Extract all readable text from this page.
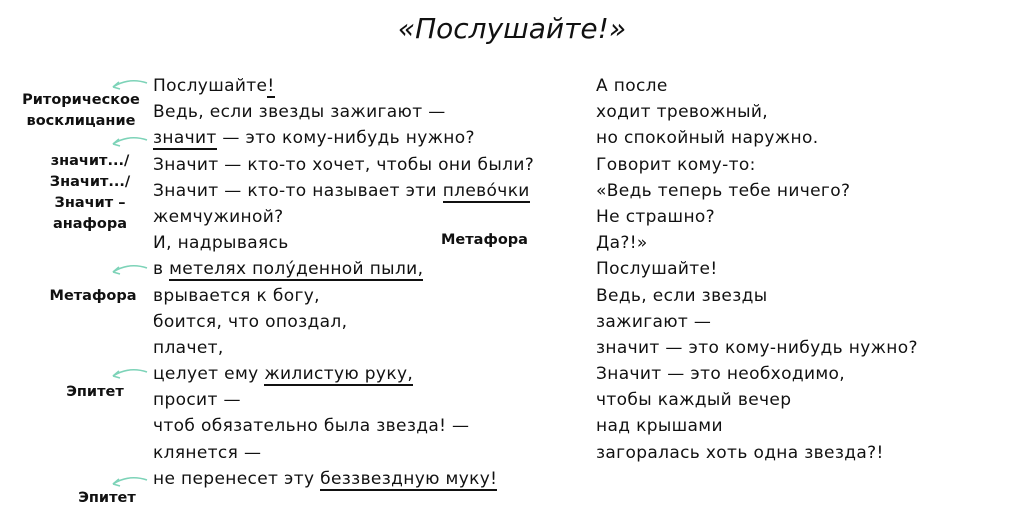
«Послушайте!»
Послушайте!
Ведь, если звезды зажигают —
значит — это кому-нибудь нужно?
Значит — кто-то хочет, чтобы они были?
Значит — кто-то называет эти плево́чки
жемчужиной?
И, надрываясь
в метелях полу́денной пыли,
врывается к богу,
боится, что опоздал,
плачет,
целует ему жилистую руку,
просит —
чтоб обязательно была звезда! —
клянется —
не перенесет эту беззвездную муку!
А после
ходит тревожный,
но спокойный наружно.
Говорит кому-то:
«Ведь теперь тебе ничего?
Не страшно?
Да?!»
Послушайте!
Ведь, если звезды
зажигают —
значит — это кому-нибудь нужно?
Значит — это необходимо,
чтобы каждый вечер
над крышами
загоралась хоть одна звезда?!
Риторическое
восклицание
значит.../
Значит.../
Значит –
анафора
Метафора
Метафора
Эпитет
Эпитет
